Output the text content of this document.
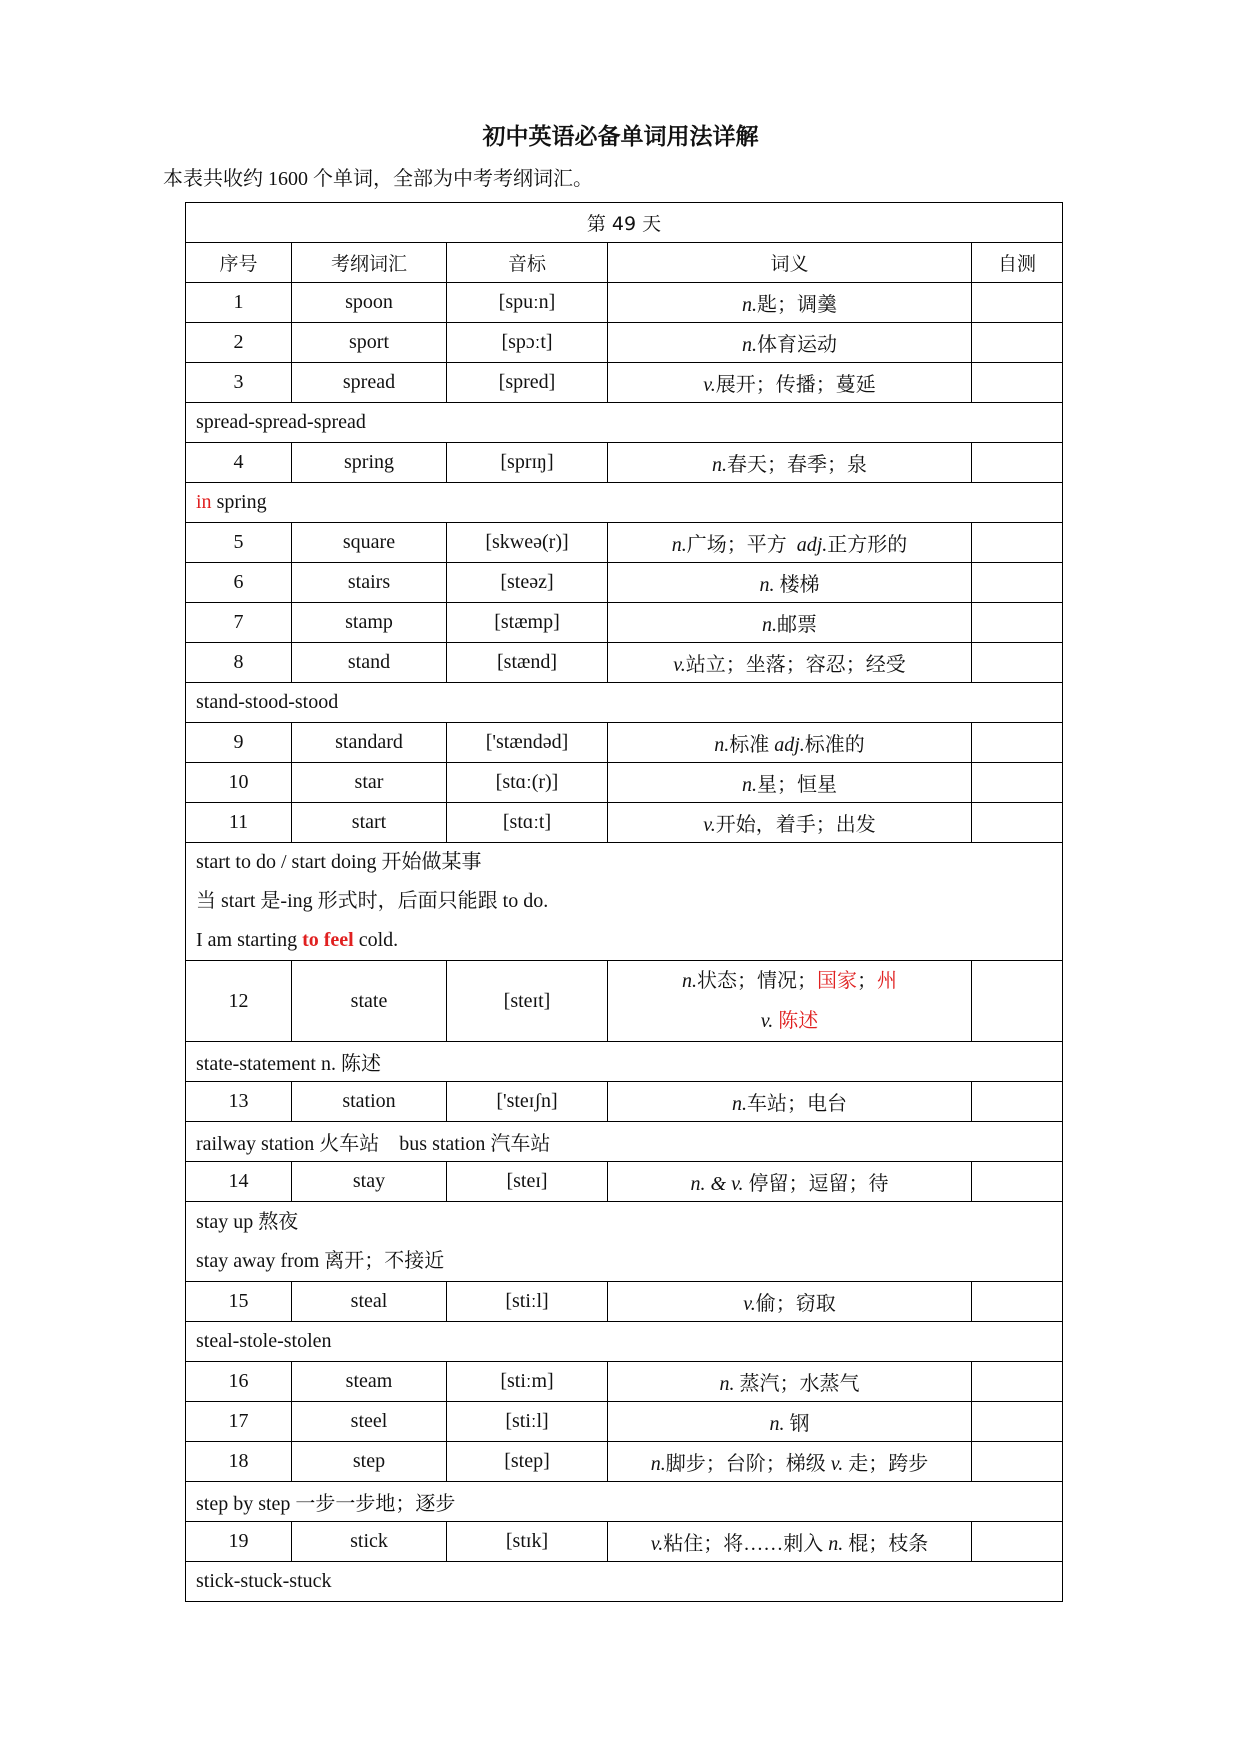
初中英语必备单词用法详解
本表共收约 1600 个单词，全部为中考考纲词汇。
第 49 天				
序号	考纲词汇	音标	词义	自测
1	spoon	[spuːn]	n.匙；调羹	
2	sport	[spɔːt]	n.体育运动	
3	spread	[spred]	v.展开；传播；蔓延	
spread-spread-spread				
4	spring	[sprɪŋ]	n.春天；春季；泉	
in spring				
5	square	[skweə(r)]	n.广场；平方 adj.正方形的	
6	stairs	[steəz]	n. 楼梯	
7	stamp	[stæmp]	n.邮票	
8	stand	[stænd]	v.站立；坐落；容忍；经受	
stand-stood-stood				
9	standard	['stændəd]	n.标准 adj.标准的	
10	star	[stɑː(r)]	n.星；恒星	
11	start	[stɑːt]	v.开始，着手；出发	

start to do / start doing 开始做某事
当 start 是-ing 形式时，后面只能跟 to do.
I am starting to feel cold.				

12	state	[steɪt]	n.状态；情况；国家；州
v. 陈述	

state-statement n. 陈述				
13	station	['steɪʃn]	n.车站；电台	
railway station 火车站    bus station 汽车站				
14	stay	[steɪ]	n. & v. 停留；逗留；待	

stay up 熬夜
stay away from 离开；不接近				

15	steal	[stiːl]	v.偷；窃取	
steal-stole-stolen				
16	steam	[stiːm]	n. 蒸汽；水蒸气	
17	steel	[stiːl]	n. 钢	
18	step	[step]	n.脚步；台阶；梯级 v. 走；跨步	
step by step 一步一步地；逐步				
19	stick	[stɪk]	v.粘住；将……刺入 n. 棍；枝条	
stick-stuck-stuck				
